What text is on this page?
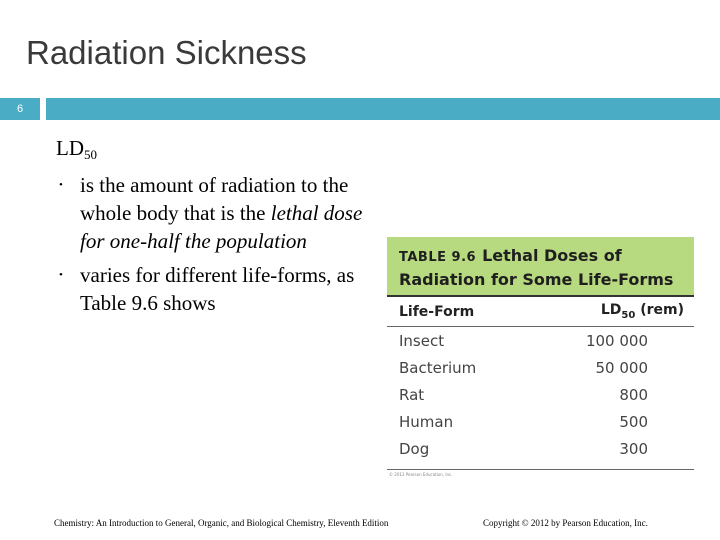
Radiation Sickness
6
$LD_{50}$
• is the amount of radiation to the whole body that is the lethal dose for one-half the population
• varies for different life-forms, as Table 9.6 shows
TABLE 9.6 Lethal Doses of
Radiation for Some Life-Forms
Life-Form	$LD_{50}$ (rem)
Insect	100 000
Bacterium	50 000
Rat	800
Human	500
Dog	300
© 2013 Pearson Education, Inc.
Chemistry: An Introduction to General, Organic, and Biological Chemistry, Eleventh Edition	Copyright © 2012 by Pearson Education, Inc.
